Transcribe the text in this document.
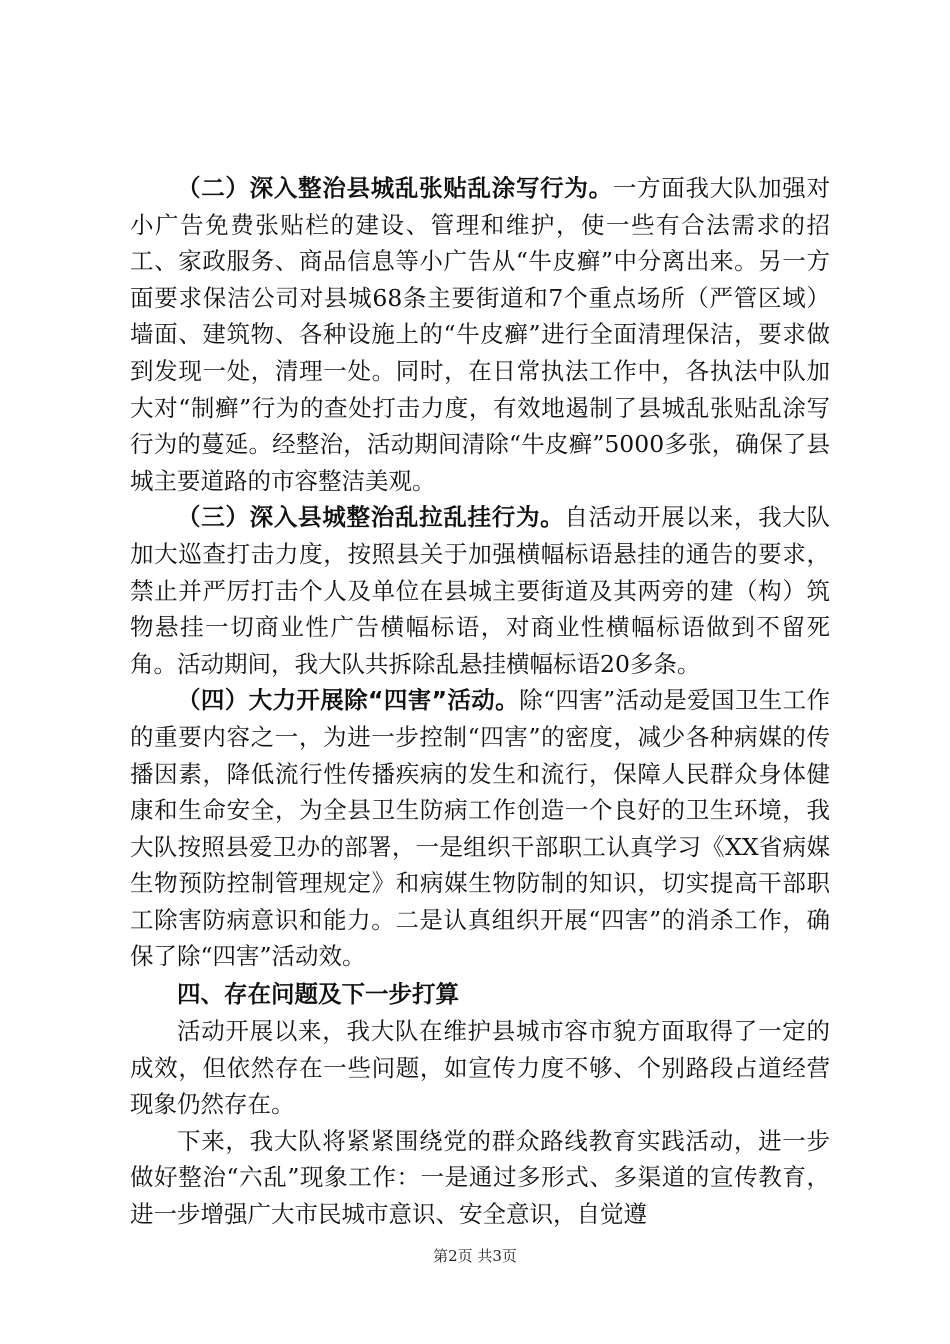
（二）深入整治县城乱张贴乱涂写行为。一方面我大队加强对小广告免费张贴栏的建设、管理和维护，使一些有合法需求的招工、家政服务、商品信息等小广告从“牛皮癣”中分离出来。另一方面要求保洁公司对县城68条主要街道和7个重点场所（严管区域）墙面、建筑物、各种设施上的“牛皮癣”进行全面清理保洁，要求做到发现一处，清理一处。同时，在日常执法工作中，各执法中队加大对“制癣”行为的查处打击力度，有效地遏制了县城乱张贴乱涂写行为的蔓延。经整治，活动期间清除“牛皮癣”5000多张，确保了县城主要道路的市容整洁美观。

（三）深入县城整治乱拉乱挂行为。自活动开展以来，我大队加大巡查打击力度，按照县关于加强横幅标语悬挂的通告的要求，禁止并严厉打击个人及单位在县城主要街道及其两旁的建（构）筑物悬挂一切商业性广告横幅标语，对商业性横幅标语做到不留死角。活动期间，我大队共拆除乱悬挂横幅标语20多条。

（四）大力开展除“四害”活动。除“四害”活动是爱国卫生工作的重要内容之一，为进一步控制“四害”的密度，减少各种病媒的传播因素，降低流行性传播疾病的发生和流行，保障人民群众身体健康和生命安全，为全县卫生防病工作创造一个良好的卫生环境，我大队按照县爱卫办的部署，一是组织干部职工认真学习《XX省病媒生物预防控制管理规定》和病媒生物防制的知识，切实提高干部职工除害防病意识和能力。二是认真组织开展“四害”的消杀工作，确保了除“四害”活动效。

四、存在问题及下一步打算

活动开展以来，我大队在维护县城市容市貌方面取得了一定的成效，但依然存在一些问题，如宣传力度不够、个别路段占道经营现象仍然存在。

下来，我大队将紧紧围绕党的群众路线教育实践活动，进一步做好整治“六乱”现象工作：一是通过多形式、多渠道的宣传教育，进一步增强广大市民城市意识、安全意识，自觉遵

第2页 共3页
